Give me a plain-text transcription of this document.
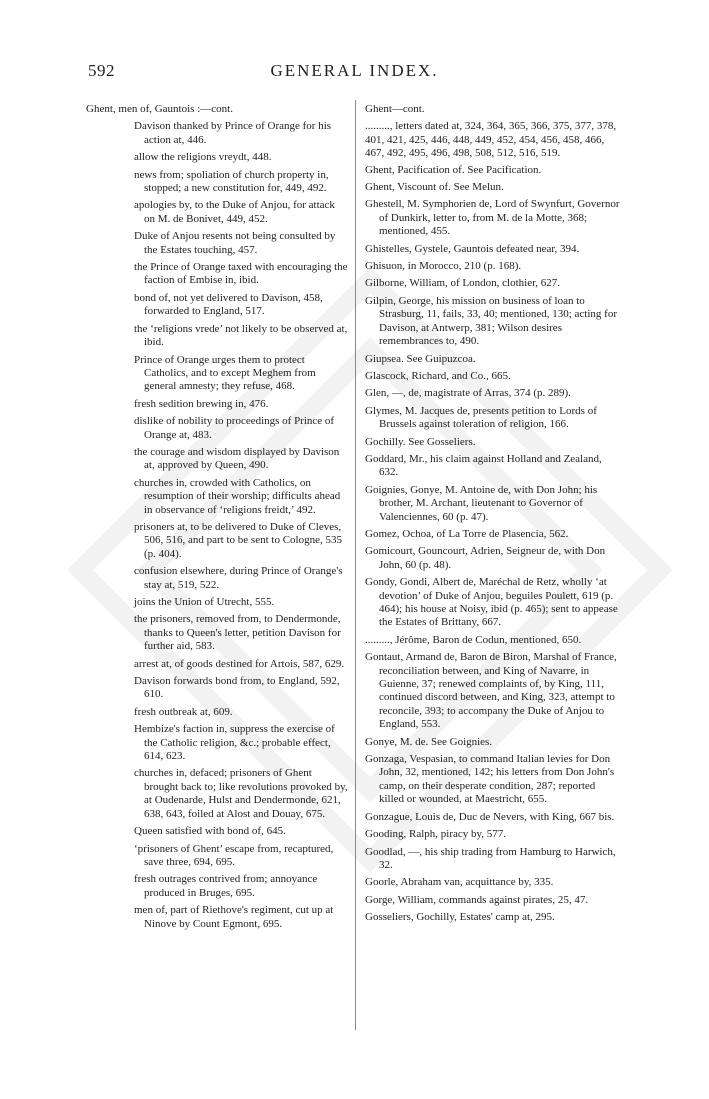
592	GENERAL INDEX.
Ghent, men of, Gauntois :—cont.
Davison thanked by Prince of Orange for his action at, 446.
allow the religions vreydt, 448.
news from; spoliation of church property in, stopped; a new constitution for, 449, 492.
apologies by, to the Duke of Anjou, for attack on M. de Bonivet, 449, 452.
Duke of Anjou resents not being consulted by the Estates touching, 457.
the Prince of Orange taxed with encouraging the faction of Embise in, ibid.
bond of, not yet delivered to Davison, 458, forwarded to England, 517.
the ‘religions vrede’ not likely to be observed at, ibid.
Prince of Orange urges them to protect Catholics, and to except Meghem from general amnesty; they refuse, 468.
fresh sedition brewing in, 476.
dislike of nobility to proceedings of Prince of Orange at, 483.
the courage and wisdom displayed by Davison at, approved by Queen, 490.
churches in, crowded with Catholics, on resumption of their worship; difficults ahead in observance of ‘religions freidt,’ 492.
prisoners at, to be delivered to Duke of Cleves, 506, 516, and part to be sent to Cologne, 535 (p. 404).
confusion elsewhere, during Prince of Orange's stay at, 519, 522.
joins the Union of Utrecht, 555.
the prisoners, removed from, to Dendermonde, thanks to Queen's letter, petition Davison for further aid, 583.
arrest at, of goods destined for Artois, 587, 629.
Davison forwards bond from, to England, 592, 610.
fresh outbreak at, 609.
Hembize's faction in, suppress the exercise of the Catholic religion, &c.; probable effect, 614, 623.
churches in, defaced; prisoners of Ghent brought back to; like revolutions provoked by, at Oudenarde, Hulst and Dendermonde, 621, 638, 643, foiled at Alost and Douay, 675.
Queen satisfied with bond of, 645.
‘prisoners of Ghent’ escape from, recaptured, save three, 694, 695.
fresh outrages contrived from; annoyance produced in Bruges, 695.
men of, part of Riethove's regiment, cut up at Ninove by Count Egmont, 695.
Ghent—cont.
........., letters dated at, 324, 364, 365, 366, 375, 377, 378, 401, 421, 425, 446, 448, 449, 452, 454, 456, 458, 466, 467, 492, 495, 496, 498, 508, 512, 516, 519.
Ghent, Pacification of. See Pacification.
Ghent, Viscount of. See Melun.
Ghestell, M. Symphorien de, Lord of Swynfurt, Governor of Dunkirk, letter to, from M. de la Motte, 368; mentioned, 455.
Ghistelles, Gystele, Gauntois defeated near, 394.
Ghisuon, in Morocco, 210 (p. 168).
Gilborne, William, of London, clothier, 627.
Gilpin, George, his mission on business of loan to Strasburg, 11, fails, 33, 40; mentioned, 130; acting for Davison, at Antwerp, 381; Wilson desires remembrances to, 490.
Giupsea. See Guipuzcoa.
Glascock, Richard, and Co., 665.
Glen, —, de, magistrate of Arras, 374 (p. 289).
Glymes, M. Jacques de, presents petition to Lords of Brussels against toleration of religion, 166.
Gochilly. See Gosseliers.
Goddard, Mr., his claim against Holland and Zealand, 632.
Goignies, Gonye, M. Antoine de, with Don John; his brother, M. Archant, lieutenant to Governor of Valenciennes, 60 (p. 47).
Gomez, Ochoa, of La Torre de Plasencia, 562.
Gomicourt, Gouncourt, Adrien, Seigneur de, with Don John, 60 (p. 48).
Gondy, Gondi, Albert de, Maréchal de Retz, wholly ‘at devotion’ of Duke of Anjou, beguiles Poulett, 619 (p. 464); his house at Noisy, ibid (p. 465); sent to appease the Estates of Brittany, 667.
........., Jérôme, Baron de Codun, mentioned, 650.
Gontaut, Armand de, Baron de Biron, Marshal of France, reconciliation between, and King of Navarre, in Guienne, 37; renewed complaints of, by King, 111, continued discord between, and King, 323, attempt to reconcile, 393; to accompany the Duke of Anjou to England, 553.
Gonye, M. de. See Goignies.
Gonzaga, Vespasian, to command Italian levies for Don John, 32, mentioned, 142; his letters from Don John's camp, on their desperate condition, 287; reported killed or wounded, at Maestricht, 655.
Gonzague, Louis de, Duc de Nevers, with King, 667 bis.
Gooding, Ralph, piracy by, 577.
Goodlad, —, his ship trading from Hamburg to Harwich, 32.
Goorle, Abraham van, acquittance by, 335.
Gorge, William, commands against pirates, 25, 47.
Gosseliers, Gochilly, Estates' camp at, 295.
